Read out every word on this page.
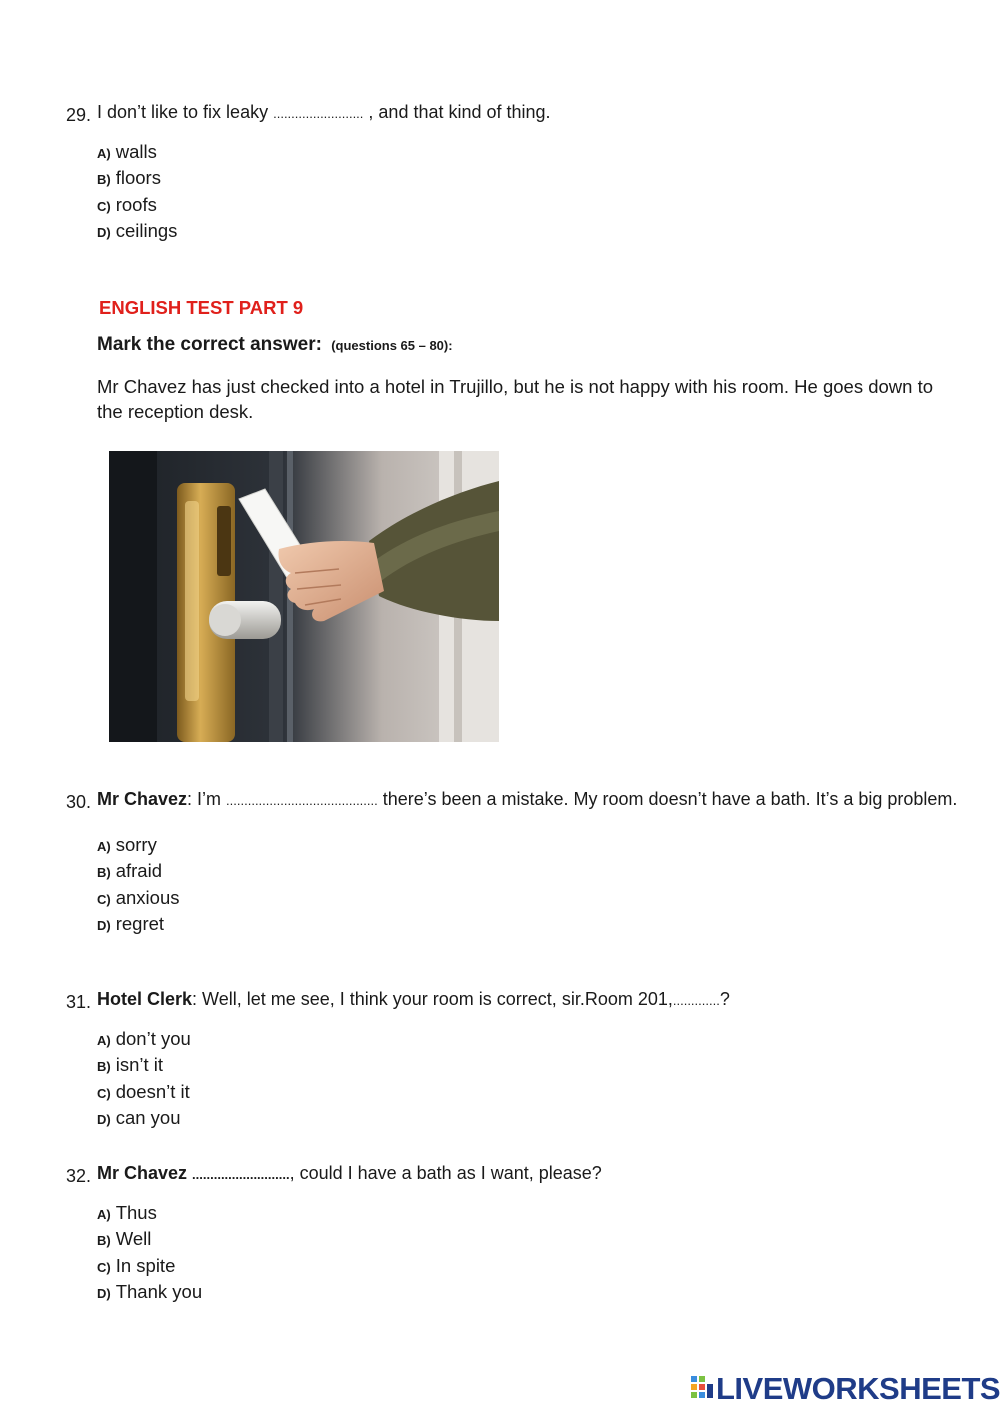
29. I don’t like to fix leaky ......................... , and that kind of thing.
A) walls
B) floors
C) roofs
D) ceilings
ENGLISH TEST PART 9
Mark the correct answer: (questions 65 – 80):
Mr Chavez has just checked into a hotel in Trujillo, but he is not happy with his room. He goes down to the reception desk.
30. Mr Chavez: I’m .......................................... there’s been a mistake. My room doesn’t have a bath. It’s a big problem.
A) sorry
B) afraid
C) anxious
D) regret
31. Hotel Clerk: Well, let me see, I think your room is correct, sir.Room 201,.............?
A) don’t you
B) isn’t it
C) doesn’t it
D) can you
32. Mr Chavez ..........................., could I have a bath as I want, please?
A) Thus
B) Well
C) In spite
D) Thank you
LIVEWORKSHEETS
